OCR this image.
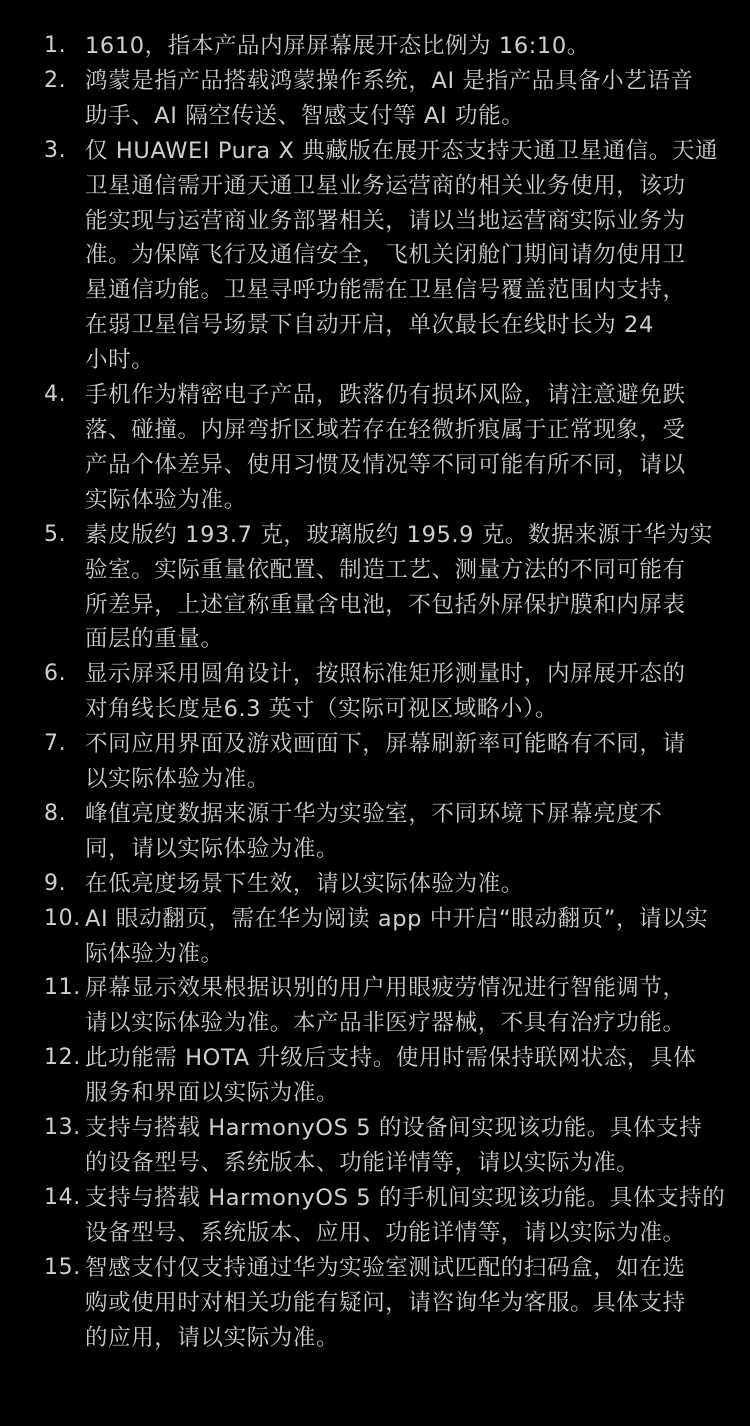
1. 1610，指本产品内屏屏幕展开态比例为 16:10。
2. 鸿蒙是指产品搭载鸿蒙操作系统，AI 是指产品具备小艺语音
助手、AI 隔空传送、智感支付等 AI 功能。
3. 仅 HUAWEI Pura X 典藏版在展开态支持天通卫星通信。天通
卫星通信需开通天通卫星业务运营商的相关业务使用，该功
能实现与运营商业务部署相关，请以当地运营商实际业务为
准。为保障飞行及通信安全，飞机关闭舱门期间请勿使用卫
星通信功能。卫星寻呼功能需在卫星信号覆盖范围内支持，
在弱卫星信号场景下自动开启，单次最长在线时长为 24
小时。
4. 手机作为精密电子产品，跌落仍有损坏风险，请注意避免跌
落、碰撞。内屏弯折区域若存在轻微折痕属于正常现象，受
产品个体差异、使用习惯及情况等不同可能有所不同，请以
实际体验为准。
5. 素皮版约 193.7 克，玻璃版约 195.9 克。数据来源于华为实
验室。实际重量依配置、制造工艺、测量方法的不同可能有
所差异，上述宣称重量含电池，不包括外屏保护膜和内屏表
面层的重量。
6. 显示屏采用圆角设计，按照标准矩形测量时，内屏展开态的
对角线长度是6.3 英寸（实际可视区域略小）。
7. 不同应用界面及游戏画面下，屏幕刷新率可能略有不同，请
以实际体验为准。
8. 峰值亮度数据来源于华为实验室，不同环境下屏幕亮度不
同，请以实际体验为准。
9. 在低亮度场景下生效，请以实际体验为准。
10. AI 眼动翻页，需在华为阅读 app 中开启“眼动翻页”，请以实
际体验为准。
11. 屏幕显示效果根据识别的用户用眼疲劳情况进行智能调节，
请以实际体验为准。本产品非医疗器械，不具有治疗功能。
12. 此功能需 HOTA 升级后支持。使用时需保持联网状态，具体
服务和界面以实际为准。
13. 支持与搭载 HarmonyOS 5 的设备间实现该功能。具体支持
的设备型号、系统版本、功能详情等，请以实际为准。
14. 支持与搭载 HarmonyOS 5 的手机间实现该功能。具体支持的
设备型号、系统版本、应用、功能详情等，请以实际为准。
15. 智感支付仅支持通过华为实验室测试匹配的扫码盒，如在选
购或使用时对相关功能有疑问，请咨询华为客服。具体支持
的应用，请以实际为准。
